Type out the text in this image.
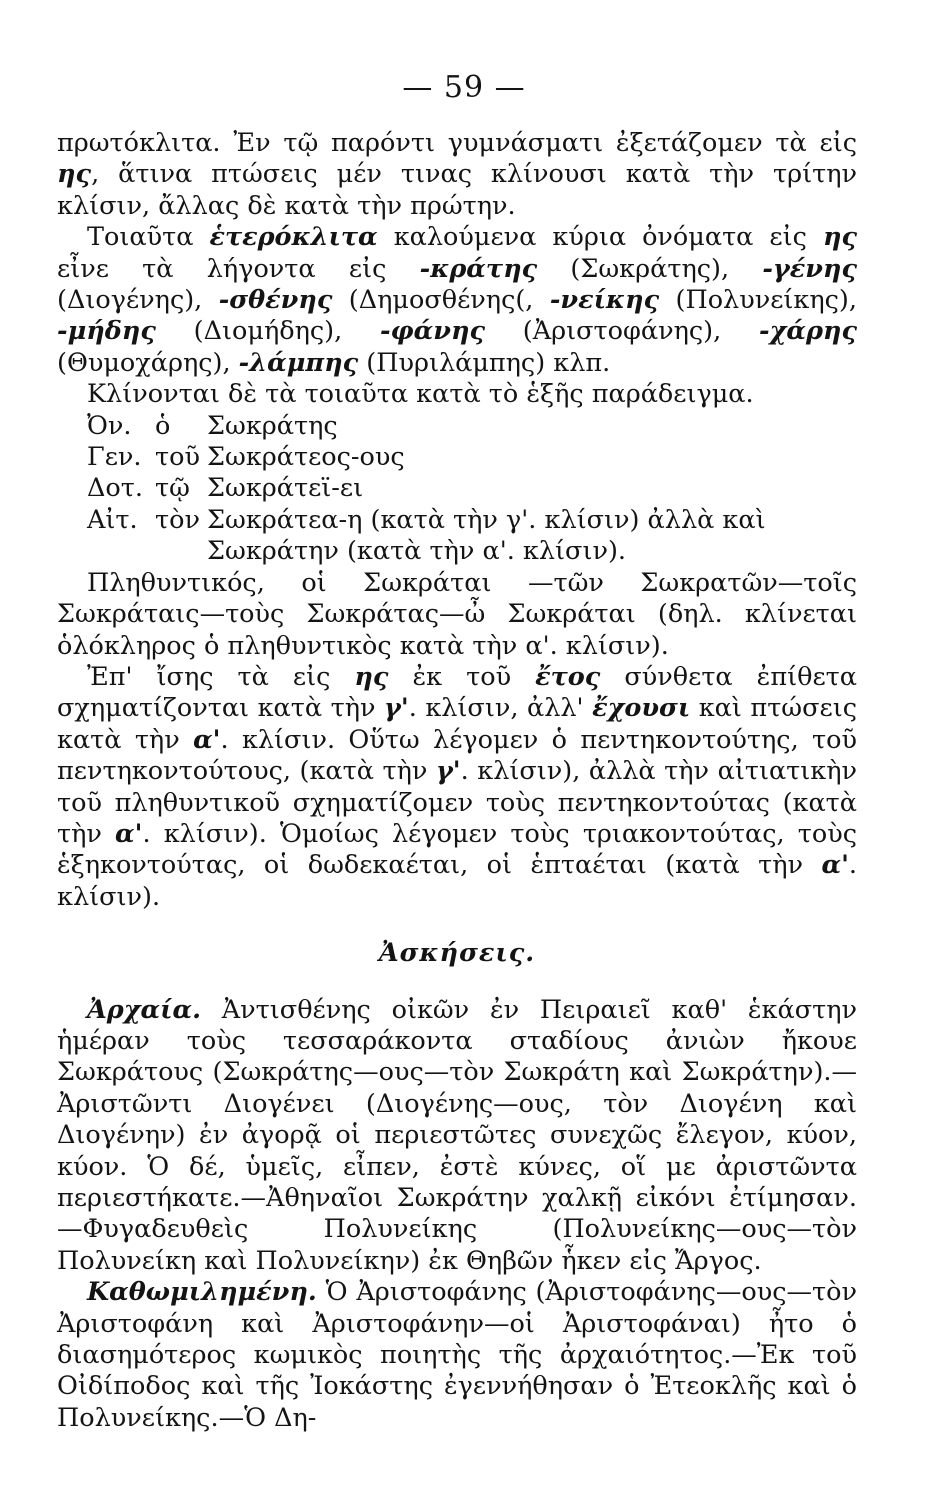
— 59 —

πρωτόκλιτα. Ἐν τῷ παρόντι γυμνάσματι ἐξετάζομεν τὰ εἰς ης, ἅτινα πτώσεις μέν τινας κλίνουσι κατὰ τὴν τρίτην κλίσιν, ἄλλας δὲ κατὰ τὴν πρώτην.

Τοιαῦτα ἑτερόκλιτα καλούμενα κύρια ὀνόματα εἰς ης εἶνε τὰ λήγοντα εἰς -κράτης (Σωκράτης), -γένης (Διογένης), -σθένης (Δημοσθένης(, -νείκης (Πολυνείκης), -μήδης (Διομήδης), -φάνης (Ἀριστοφάνης), -χάρης (Θυμοχάρης), -λάμπης (Πυριλάμπης) κλπ.

Κλίνονται δὲ τὰ τοιαῦτα κατὰ τὸ ἑξῆς παράδειγμα.

Ὀν.	ὁ	Σωκράτης
Γεν.	τοῦ	Σωκράτεος-ους
Δοτ.	τῷ	Σωκράτεϊ-ει
Αἰτ.	τὸν	Σωκράτεα-η (κατὰ τὴν γ'. κλίσιν) ἀλλὰ καὶ
		Σωκράτην (κατὰ τὴν α'. κλίσιν).

Πληθυντικός, οἱ Σωκράται —τῶν Σωκρατῶν—τοῖς Σωκράταις—τοὺς Σωκράτας—ὦ Σωκράται (δηλ. κλίνεται ὁλόκληρος ὁ πληθυντικὸς κατὰ τὴν α'. κλίσιν).

Ἐπ' ἴσης τὰ εἰς ης ἐκ τοῦ ἔτος σύνθετα ἐπίθετα σχηματίζονται κατὰ τὴν γ'. κλίσιν, ἀλλ' ἔχουσι καὶ πτώσεις κατὰ τὴν α'. κλίσιν. Οὕτω λέγομεν ὁ πεντηκοντούτης, τοῦ πεντηκοντούτους, (κατὰ τὴν γ'. κλίσιν), ἀλλὰ τὴν αἰτιατικὴν τοῦ πληθυντικοῦ σχηματίζομεν τοὺς πεντηκοντούτας (κατὰ τὴν α'. κλίσιν). Ὁμοίως λέγομεν τοὺς τριακοντούτας, τοὺς ἑξηκοντούτας, οἱ δωδεκαέται, οἱ ἑπταέται (κατὰ τὴν α'. κλίσιν).

Ἀσκήσεις.

Ἀρχαία. Ἀντισθένης οἰκῶν ἐν Πειραιεῖ καθ' ἑκάστην ἡμέραν τοὺς τεσσαράκοντα σταδίους ἀνιὼν ἤκουε Σωκράτους (Σωκράτης—ους—τὸν Σωκράτη καὶ Σωκράτην).—Ἀριστῶντι Διογένει (Διογένης—ους, τὸν Διογένη καὶ Διογένην) ἐν ἀγορᾷ οἱ περιεστῶτες συνεχῶς ἔλεγον, κύον, κύον. Ὁ δέ, ὑμεῖς, εἶπεν, ἐστὲ κύνες, οἵ με ἀριστῶντα περιεστήκατε.—Ἀθηναῖοι Σωκράτην χαλκῇ εἰκόνι ἐτίμησαν.—Φυγαδευθεὶς Πολυνείκης (Πολυνείκης—ους—τὸν Πολυνείκη καὶ Πολυνείκην) ἐκ Θηβῶν ἧκεν εἰς Ἄργος.

Καθωμιλημένη. Ὁ Ἀριστοφάνης (Ἀριστοφάνης—ους—τὸν Ἀριστοφάνη καὶ Ἀριστοφάνην—οἱ Ἀριστοφάναι) ἦτο ὁ διασημότερος κωμικὸς ποιητὴς τῆς ἀρχαιότητος.—Ἐκ τοῦ Οἰδίποδος καὶ τῆς Ἰοκάστης ἐγεννήθησαν ὁ Ἐτεοκλῆς καὶ ὁ Πολυνείκης.—Ὁ Δη-
